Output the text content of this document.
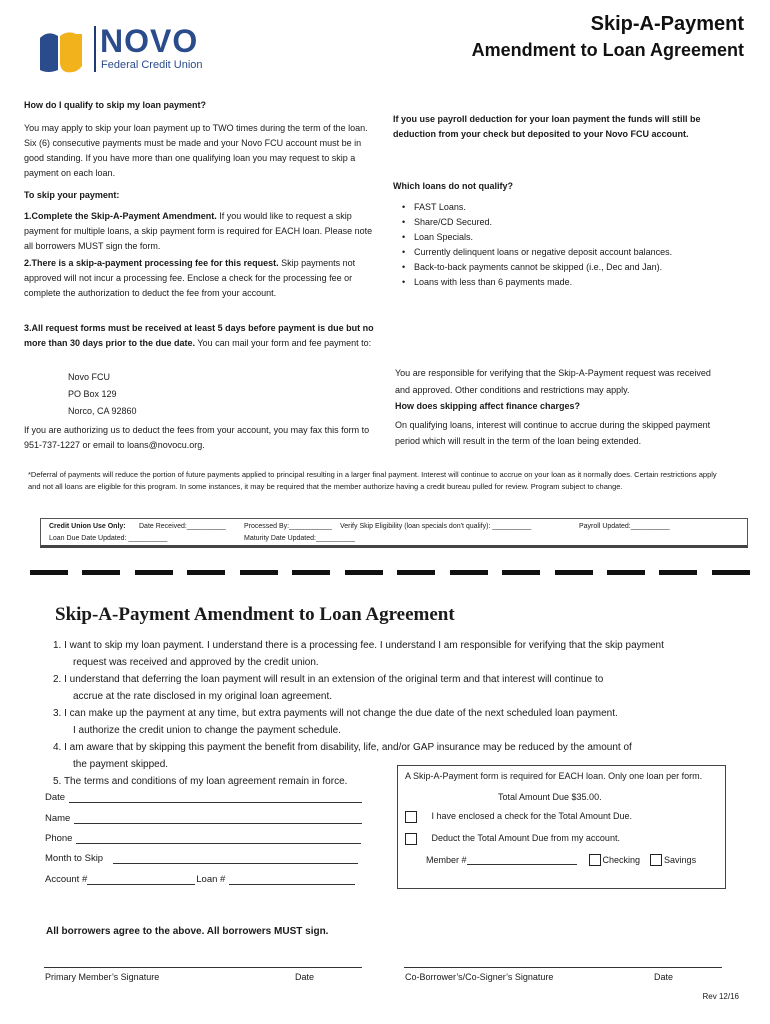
NOVO
Federal Credit Union
Skip-A-Payment
Amendment to Loan Agreement
How do I qualify to skip my loan payment?
You may apply to skip your loan payment up to TWO times during the term of the loan. Six (6) consecutive payments must be made and your Novo FCU account must be in good standing. If you have more than one qualifying loan you may request to skip a payment on each loan.
To skip your payment:
1.Complete the Skip-A-Payment Amendment. If you would like to request a skip payment for multiple loans, a skip payment form is required for EACH loan. Please note all borrowers MUST sign the form.
2.There is a skip-a-payment processing fee for this request. Skip payments not approved will not incur a processing fee. Enclose a check for the processing fee or complete the authorization to deduct the fee from your account.
3.All request forms must be received at least 5 days before payment is due but no more than 30 days prior to the due date. You can mail your form and fee payment to:
Novo FCU
PO Box 129
Norco, CA 92860
If you are authorizing us to deduct the fees from your account, you may fax this form to 951-737-1227 or email to loans@novocu.org.
If you use payroll deduction for your loan payment the funds will still be deduction from your check but deposited to your Novo FCU account.
Which loans do not qualify?
• FAST Loans.
• Share/CD Secured.
• Loan Specials.
• Currently delinquent loans or negative deposit account balances.
• Back-to-back payments cannot be skipped (i.e., Dec and Jan).
• Loans with less than 6 payments made.
You are responsible for verifying that the Skip-A-Payment request was received and approved. Other conditions and restrictions may apply.
How does skipping affect finance charges?
On qualifying loans, interest will continue to accrue during the skipped payment period which will result in the term of the loan being extended.
*Deferral of payments will reduce the portion of future payments applied to principal resulting in a larger final payment. Interest will continue to accrue on your loan as it normally does. Certain restrictions apply and not all loans are eligible for this program. In some instances, it may be required that the member authorize having a credit bureau pulled for review. Program subject to change.
Credit Union Use Only: Date Received:__________	Processed By:___________ Verify Skip Eligibility (loan specials don't qualify): __________	Payroll Updated:__________
Loan Due Date Updated: __________	Maturity Date Updated:__________
Skip-A-Payment Amendment to Loan Agreement
1. I want to skip my loan payment. I understand there is a processing fee. I understand I am responsible for verifying that the skip payment
request was received and approved by the credit union.
2. I understand that deferring the loan payment will result in an extension of the original term and that interest will continue to
accrue at the rate disclosed in my original loan agreement.
3. I can make up the payment at any time, but extra payments will not change the due date of the next scheduled loan payment.
I authorize the credit union to change the payment schedule.
4. I am aware that by skipping this payment the benefit from disability, life, and/or GAP insurance may be reduced by the amount of
the payment skipped.
5. The terms and conditions of my loan agreement remain in force.
Date
Name
Phone
Month to Skip
Account #	Loan #
A Skip-A-Payment form is required for EACH loan. Only one loan per form.
Total Amount Due $35.00.
I have enclosed a check for the Total Amount Due.
Deduct the Total Amount Due from my account.
Member #	Checking	Savings
All borrowers agree to the above. All borrowers MUST sign.
Primary Member’s Signature	Date	Co-Borrower’s/Co-Signer’s Signature	Date
Rev 12/16
